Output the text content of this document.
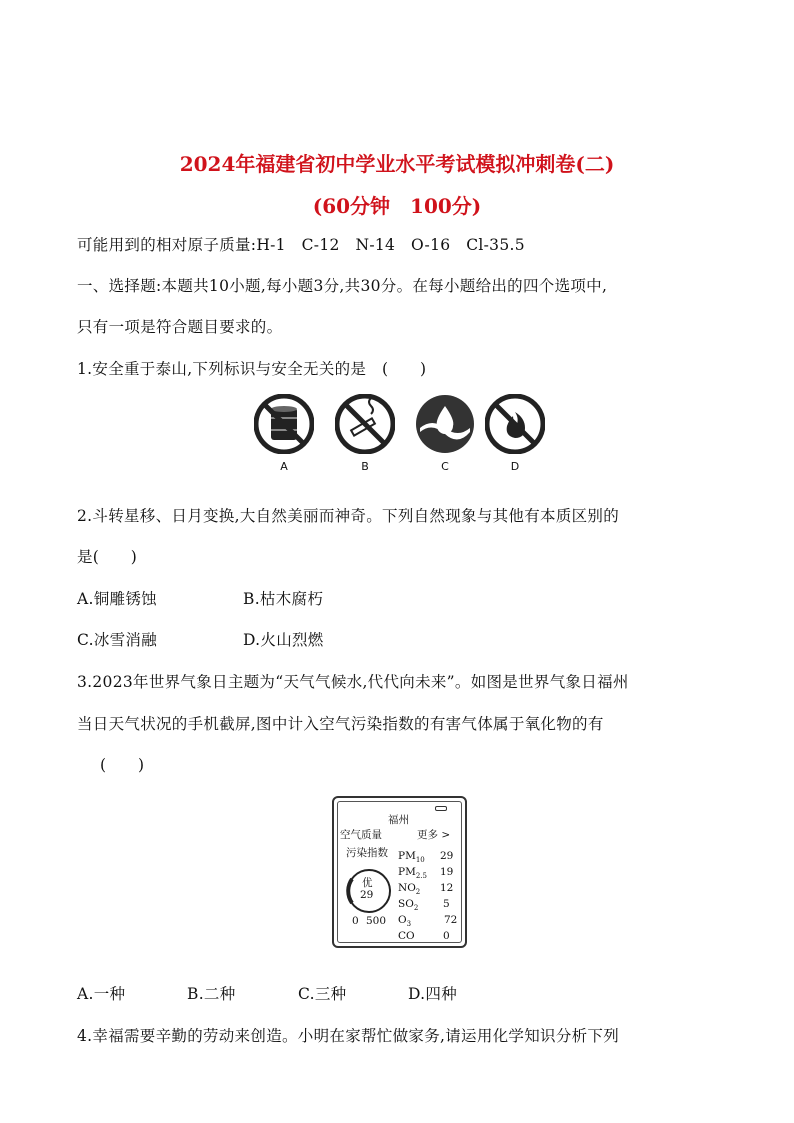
2024年福建省初中学业水平考试模拟冲刺卷(二)
(60分钟　100分)
可能用到的相对原子质量:H-1　C-12　N-14　O-16　Cl-35.5
一、选择题:本题共10小题,每小题3分,共30分。在每小题给出的四个选项中,
只有一项是符合题目要求的。
1.安全重于泰山,下列标识与安全无关的是　(　　)
A	B	C	D
2.斗转星移、日月变换,大自然美丽而神奇。下列自然现象与其他有本质区别的
是(　　)
A.铜雕锈蚀	B.枯木腐朽
C.冰雪消融	D.火山烈燃
3.2023年世界气象日主题为“天气气候水,代代向未来”。如图是世界气象日福州
当日天气状况的手机截屏,图中计入空气污染指数的有害气体属于氧化物的有
(　　)
福州
空气质量	更多 >
污染指数
优
29
0 500
$PM_{10}$ 29
$PM_{2.5}$ 19
$NO_2$ 12
$SO_2$ 5
$O_3$	72
CO	0
A.一种	B.二种	C.三种	D.四种
4.幸福需要辛勤的劳动来创造。小明在家帮忙做家务,请运用化学知识分析下列
